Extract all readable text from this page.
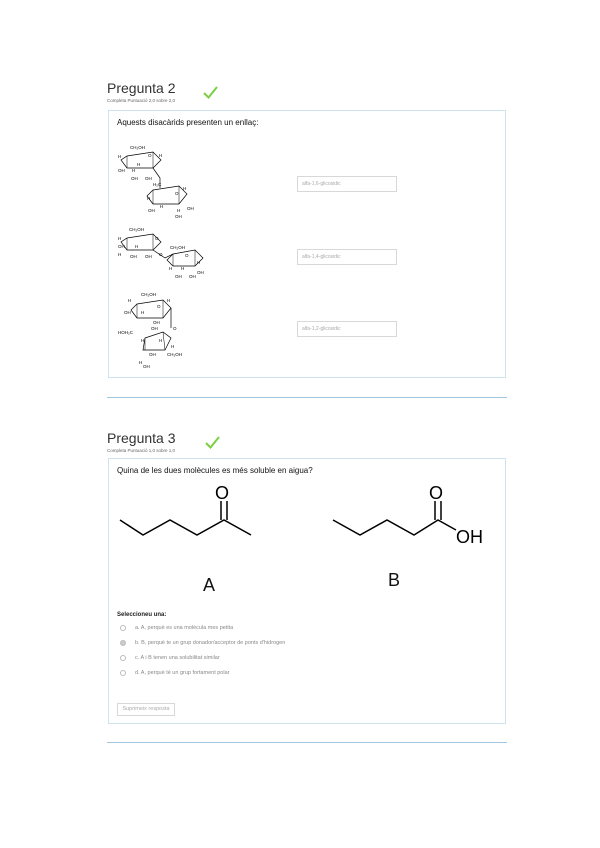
Pregunta 2
Completa Puntuació 2,0 sobre 2,0
Aquests disacàrids presenten un enllaç:
CH₂OH
H	O H
OH H
OH OH
H
H₂C
O
H
H
OH
H
OH
OH
H
alfa-1,6-glicosidic
CH₂OH
O
H
OH H
OH
H	OH O
CH₂OH
O
H
OH
H
OH
OH
H
alfa-1,4-glicosidic
CH₂OH
H
O
H
OH H
OH
HOH₂C
O
OH
H	H
OH	CH₂OH
H
OH
H
alfa-1,2-glicosidic
Pregunta 3
Completa Puntuació 1,0 sobre 1,0
Quina de les dues molècules es més soluble en aigua?
O
A
O
OH
B
Seleccioneu una:
a. A, perquè es una molècula mes petita
b. B, perquè te un grup donador/acceptor de ponts d'hidrogen
c. A i B tenen una solubilitat similar
d. A, perquè té un grup fortament polar
Suprimeix resposta
